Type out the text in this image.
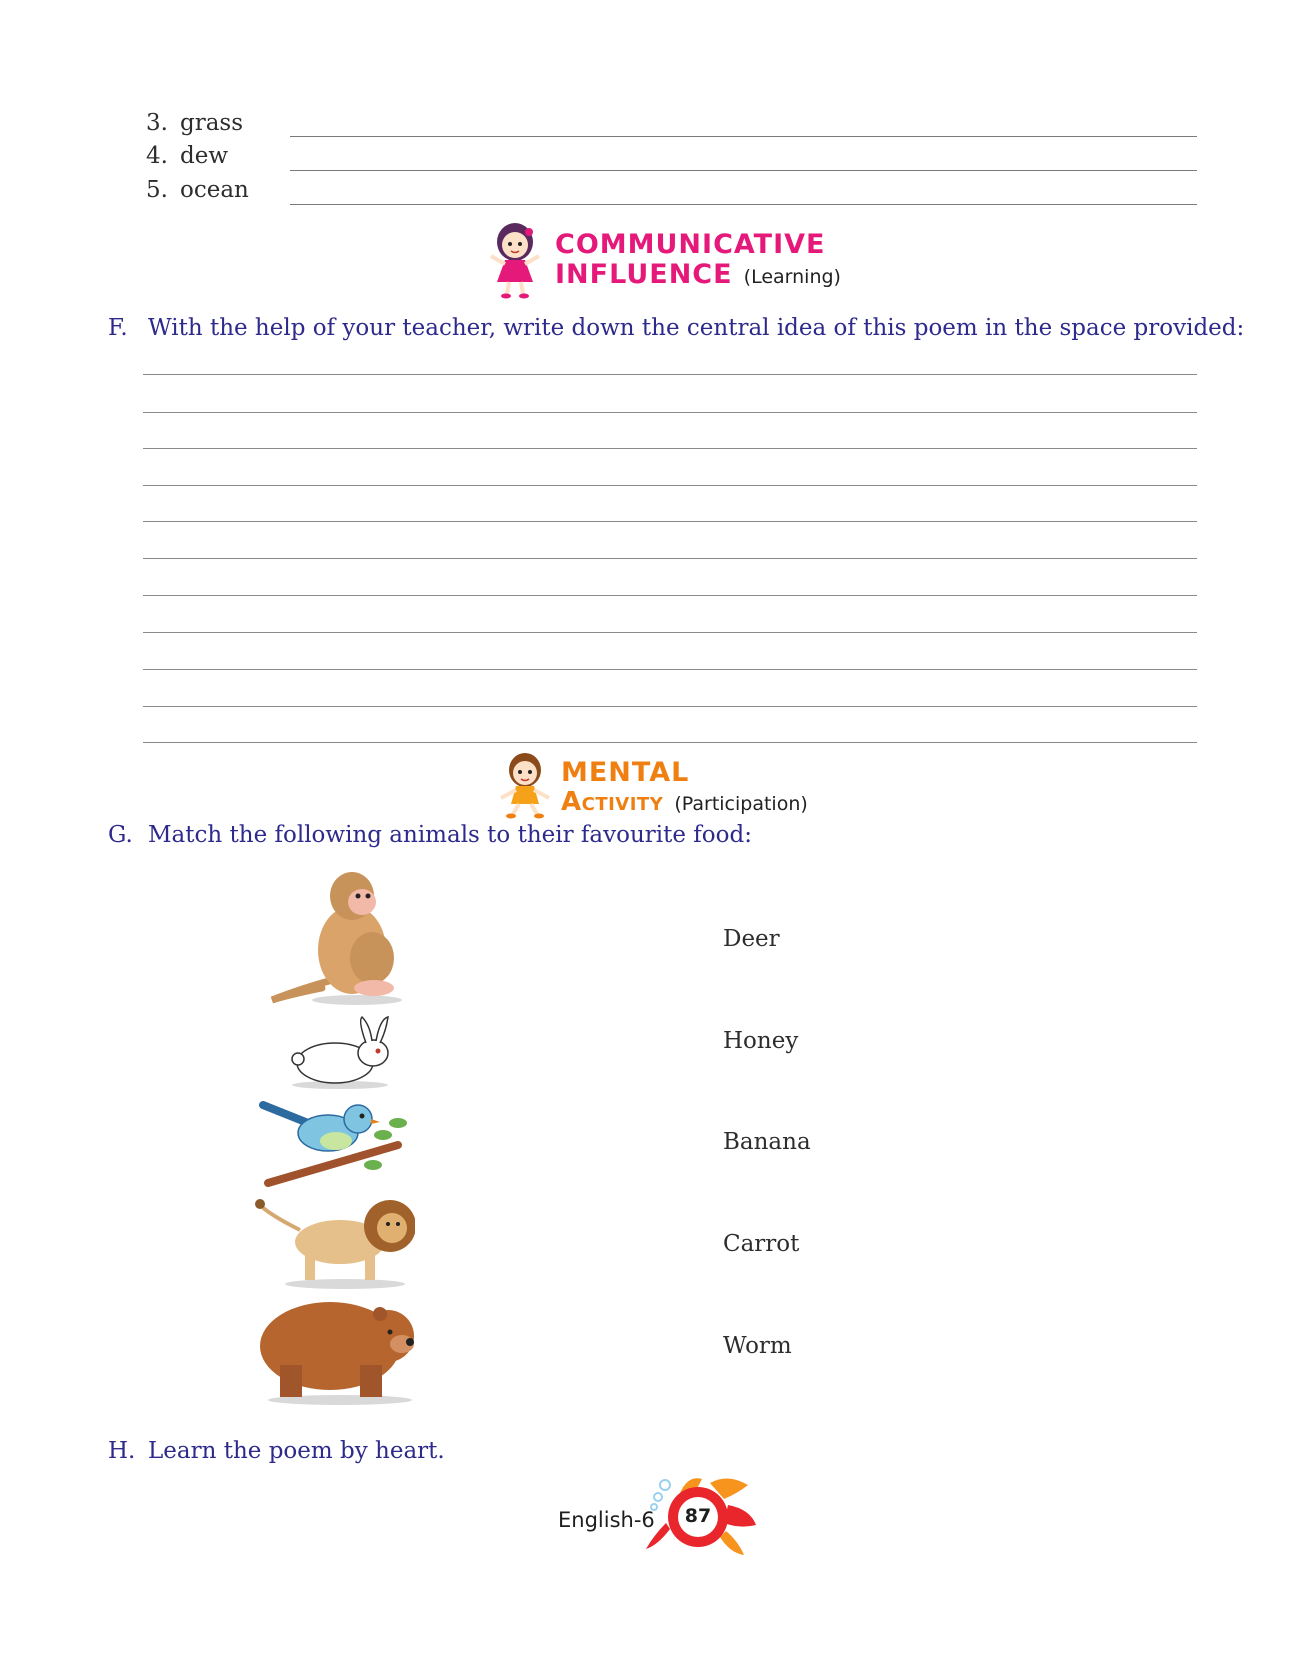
3. grass
4. dew
5. ocean
COMMUNICATIVE
INFLUENCE (Learning)
F. With the help of your teacher, write down the central idea of this poem in the space provided:
MENTAL
Activity (Participation)
G. Match the following animals to their favourite food:
Deer
Honey
Banana
Carrot
Worm
H. Learn the poem by heart.
English-6	87
